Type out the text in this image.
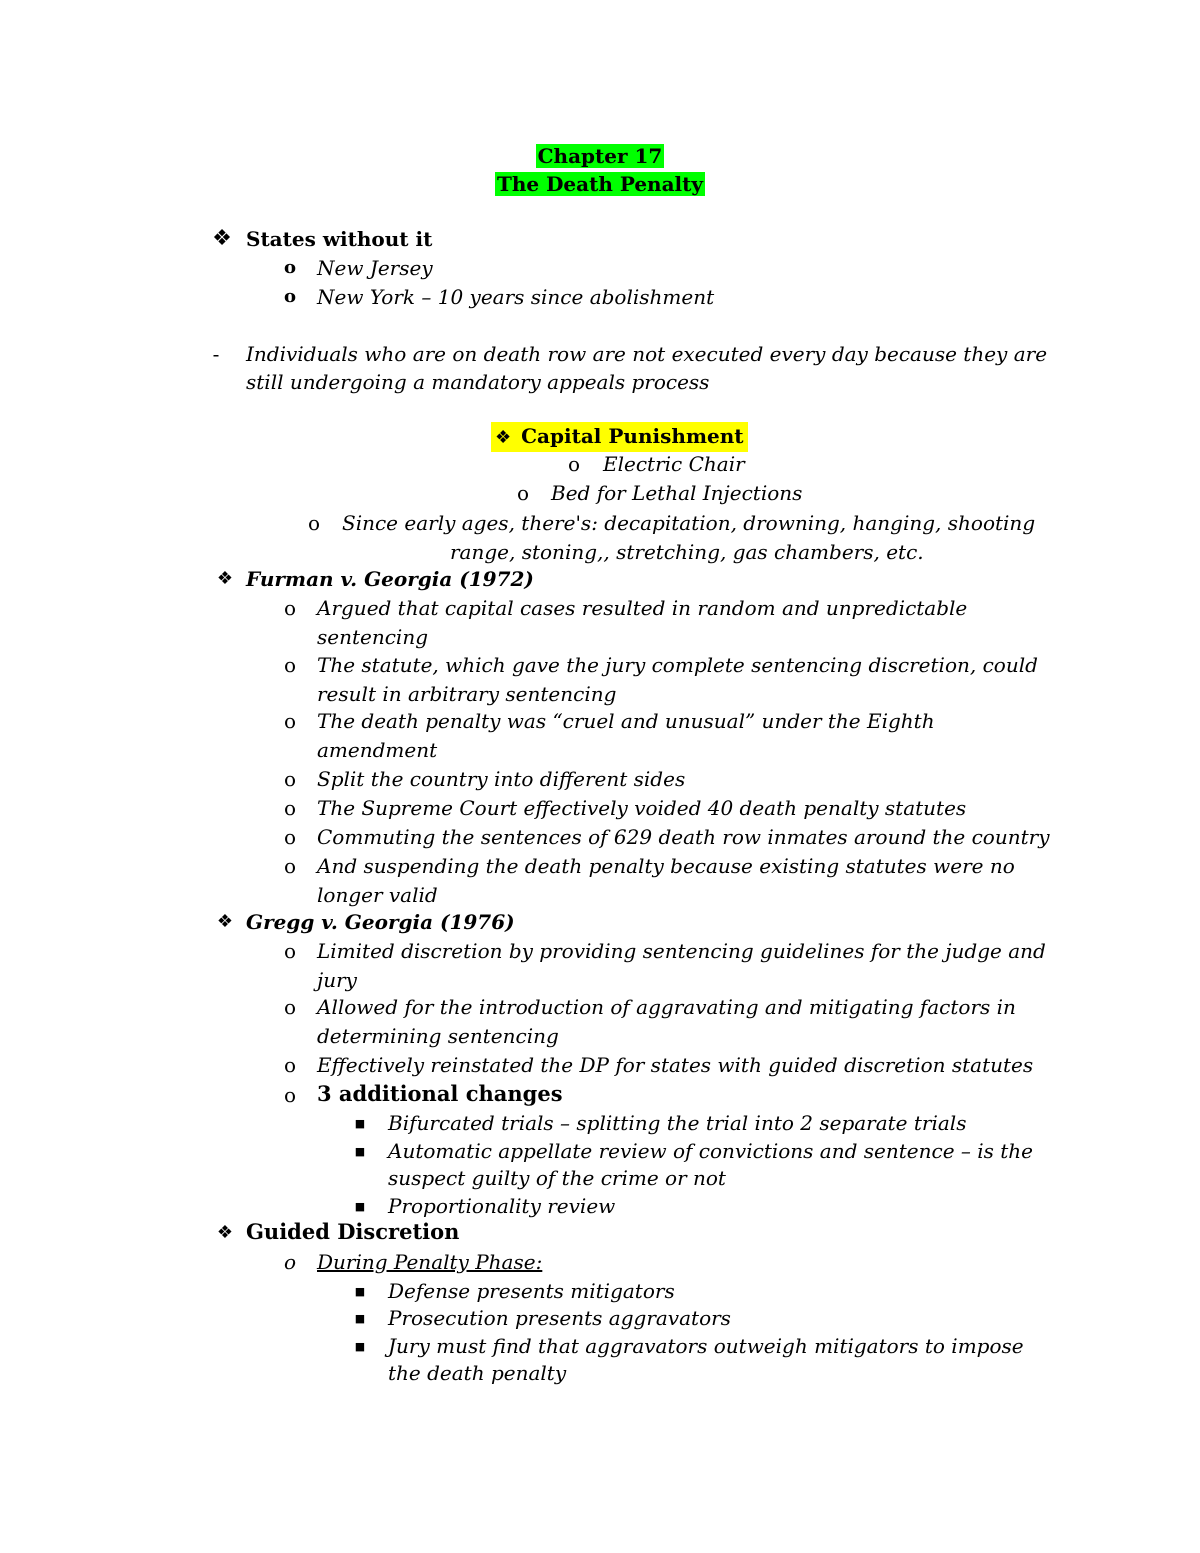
Chapter 17
The Death Penalty
❖ States without it
o	New Jersey
o	New York – 10 years since abolishment
-	Individuals who are on death row are not executed every day because they are
still undergoing a mandatory appeals process
❖ Capital Punishment
o Electric Chair
o Bed for Lethal Injections
o Since early ages, there's: decapitation, drowning, hanging, shooting
range, stoning,, stretching, gas chambers, etc.
❖ Furman v. Georgia (1972)
o Argued that capital cases resulted in random and unpredictable
sentencing
o The statute, which gave the jury complete sentencing discretion, could
result in arbitrary sentencing
o The death penalty was “cruel and unusual” under the Eighth
amendment
o Split the country into different sides
o The Supreme Court effectively voided 40 death penalty statutes
o Commuting the sentences of 629 death row inmates around the country
o And suspending the death penalty because existing statutes were no
longer valid
❖ Gregg v. Georgia (1976)
o Limited discretion by providing sentencing guidelines for the judge and
jury
o Allowed for the introduction of aggravating and mitigating factors in
determining sentencing
o Effectively reinstated the DP for states with guided discretion statutes
o 3 additional changes
■	Bifurcated trials – splitting the trial into 2 separate trials
■	Automatic appellate review of convictions and sentence – is the
suspect guilty of the crime or not
■	Proportionality review
❖ Guided Discretion
o During Penalty Phase:
■	Defense presents mitigators
■	Prosecution presents aggravators
■	Jury must find that aggravators outweigh mitigators to impose
the death penalty
